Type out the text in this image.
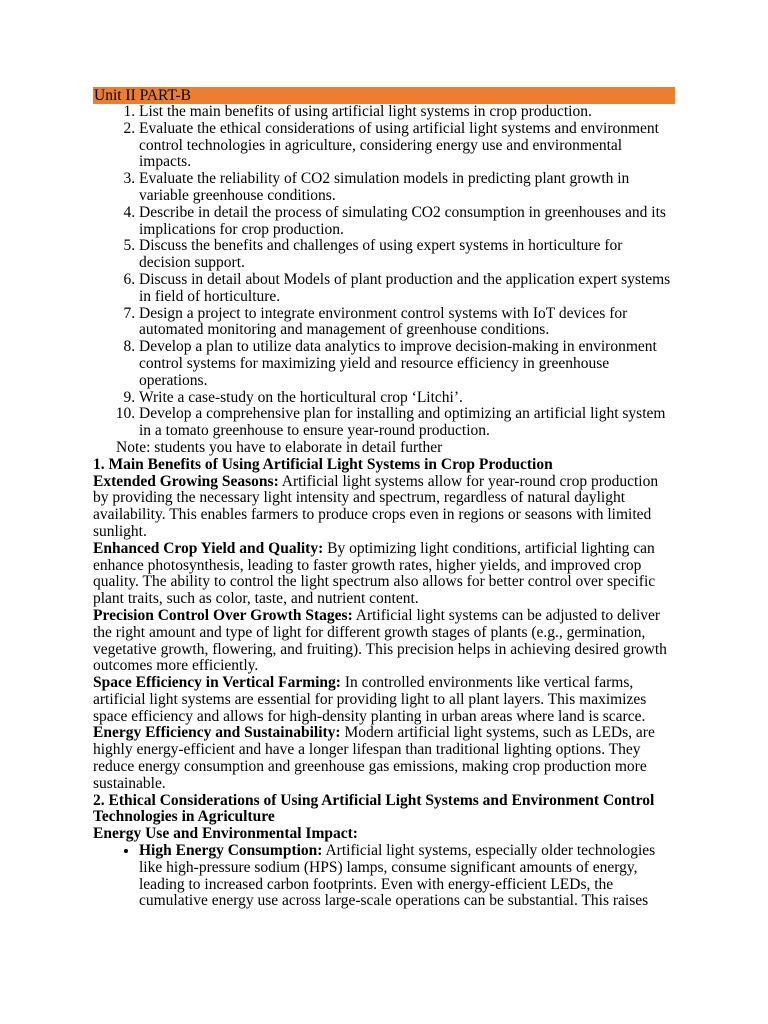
Unit II PART-B
1. List the main benefits of using artificial light systems in crop production.
2. Evaluate the ethical considerations of using artificial light systems and environment control technologies in agriculture, considering energy use and environmental impacts.
3. Evaluate the reliability of CO2 simulation models in predicting plant growth in variable greenhouse conditions.
4. Describe in detail the process of simulating CO2 consumption in greenhouses and its implications for crop production.
5. Discuss the benefits and challenges of using expert systems in horticulture for decision support.
6. Discuss in detail about Models of plant production and the application expert systems in field of horticulture.
7. Design a project to integrate environment control systems with IoT devices for automated monitoring and management of greenhouse conditions.
8. Develop a plan to utilize data analytics to improve decision-making in environment control systems for maximizing yield and resource efficiency in greenhouse operations.
9. Write a case-study on the horticultural crop ‘Litchi’.
10. Develop a comprehensive plan for installing and optimizing an artificial light system in a tomato greenhouse to ensure year-round production.
Note: students you have to elaborate in detail further

1. Main Benefits of Using Artificial Light Systems in Crop Production

Extended Growing Seasons: Artificial light systems allow for year-round crop production by providing the necessary light intensity and spectrum, regardless of natural daylight availability. This enables farmers to produce crops even in regions or seasons with limited sunlight.

Enhanced Crop Yield and Quality: By optimizing light conditions, artificial lighting can enhance photosynthesis, leading to faster growth rates, higher yields, and improved crop quality. The ability to control the light spectrum also allows for better control over specific plant traits, such as color, taste, and nutrient content.

Precision Control Over Growth Stages: Artificial light systems can be adjusted to deliver the right amount and type of light for different growth stages of plants (e.g., germination, vegetative growth, flowering, and fruiting). This precision helps in achieving desired growth outcomes more efficiently.

Space Efficiency in Vertical Farming: In controlled environments like vertical farms, artificial light systems are essential for providing light to all plant layers. This maximizes space efficiency and allows for high-density planting in urban areas where land is scarce.

Energy Efficiency and Sustainability: Modern artificial light systems, such as LEDs, are highly energy-efficient and have a longer lifespan than traditional lighting options. They reduce energy consumption and greenhouse gas emissions, making crop production more sustainable.

2. Ethical Considerations of Using Artificial Light Systems and Environment Control Technologies in Agriculture

Energy Use and Environmental Impact:

• High Energy Consumption: Artificial light systems, especially older technologies like high-pressure sodium (HPS) lamps, consume significant amounts of energy, leading to increased carbon footprints. Even with energy-efficient LEDs, the cumulative energy use across large-scale operations can be substantial. This raises
